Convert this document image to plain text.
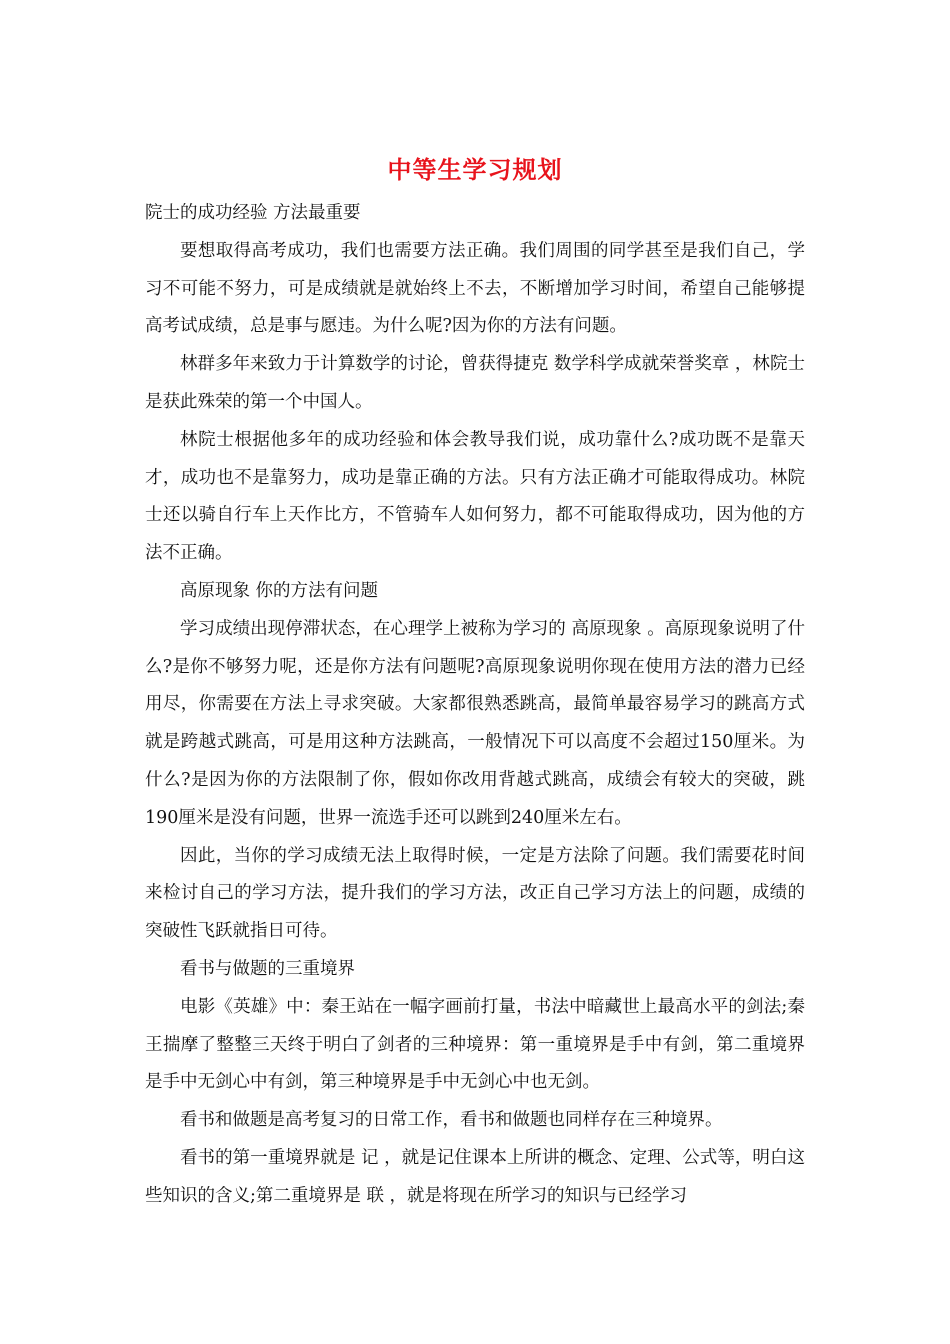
中等生学习规划

院士的成功经验 方法最重要

要想取得高考成功，我们也需要方法正确。我们周围的同学甚至是我们自己，学习不可能不努力，可是成绩就是就始终上不去，不断增加学习时间，希望自己能够提高考试成绩，总是事与愿违。为什么呢?因为你的方法有问题。

林群多年来致力于计算数学的讨论，曾获得捷克 数学科学成就荣誉奖章 ，林院士是获此殊荣的第一个中国人。

林院士根据他多年的成功经验和体会教导我们说，成功靠什么?成功既不是靠天才，成功也不是靠努力，成功是靠正确的方法。只有方法正确才可能取得成功。林院士还以骑自行车上天作比方，不管骑车人如何努力，都不可能取得成功，因为他的方法不正确。

高原现象 你的方法有问题

学习成绩出现停滞状态，在心理学上被称为学习的 高原现象 。高原现象说明了什么?是你不够努力呢，还是你方法有问题呢?高原现象说明你现在使用方法的潜力已经用尽，你需要在方法上寻求突破。大家都很熟悉跳高，最简单最容易学习的跳高方式就是跨越式跳高，可是用这种方法跳高，一般情况下可以高度不会超过150厘米。为什么?是因为你的方法限制了你，假如你改用背越式跳高，成绩会有较大的突破，跳190厘米是没有问题，世界一流选手还可以跳到240厘米左右。

因此，当你的学习成绩无法上取得时候，一定是方法除了问题。我们需要花时间来检讨自己的学习方法，提升我们的学习方法，改正自己学习方法上的问题，成绩的突破性飞跃就指日可待。

看书与做题的三重境界

电影《英雄》中：秦王站在一幅字画前打量，书法中暗藏世上最高水平的剑法;秦王揣摩了整整三天终于明白了剑者的三种境界：第一重境界是手中有剑，第二重境界是手中无剑心中有剑，第三种境界是手中无剑心中也无剑。

看书和做题是高考复习的日常工作，看书和做题也同样存在三种境界。

看书的第一重境界就是 记 ，就是记住课本上所讲的概念、定理、公式等，明白这些知识的含义;第二重境界是 联 ，就是将现在所学习的知识与已经学习
